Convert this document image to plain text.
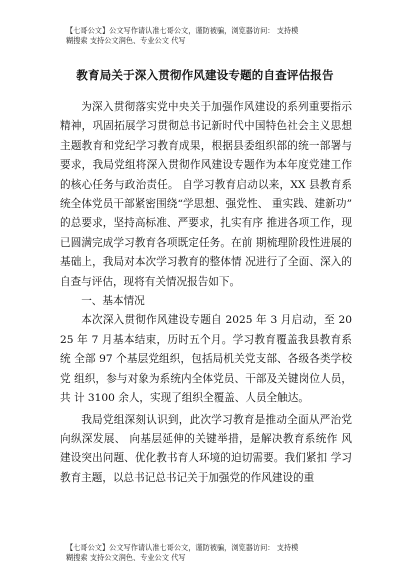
【七哥公文】公文写作请认准七哥公文，谨防被骗，浏览器访问： 支持模
糊搜索 支持公文润色、专业公文 代写
教育局关于深入贯彻作风建设专题的自查评估报告

为深入贯彻落实党中央关于加强作风建设的系列重要指示精神，巩固拓展学习贯彻总书记新时代中国特色社会主义思想主题教育和党纪学习教育成果，根据县委组织部的统一部署与要求，我局党组将深入贯彻作风建设专题作为本年度党建工作的核心任务与政治责任。 自学习教育启动以来，XX 县教育系统全体党员干部紧密围绕“学思想、强党性、 重实践、建新功” 的总要求，坚持高标准、严要求，扎实有序 推进各项工作，现已圆满完成学习教育各项既定任务。在前 期梳理阶段性进展的基础上，我局对本次学习教育的整体情 况进行了全面、深入的自查与评估，现将有关情况报告如下。

一、基本情况

本次深入贯彻作风建设专题自 2025 年 3 月启动，至 2025 年 7 月基本结束，历时五个月。学习教育覆盖我县教育系统 全部 97 个基层党组织，包括局机关党支部、各级各类学校党 组织，参与对象为系统内全体党员、干部及关键岗位人员，共 计 3100 余人，实现了组织全覆盖、人员全触达。

我局党组深刻认识到，此次学习教育是推动全面从严治党向纵深发展、 向基层延伸的关键举措，是解决教育系统作 风建设突出问题、优化教书育人环境的迫切需要。我们紧扣 学习教育主题，以总书记总书记关于加强党的作风建设的重

【七哥公文】公文写作请认准七哥公文，谨防被骗，浏览器访问： 支持模
糊搜索 支持公文润色、专业公文 代写
